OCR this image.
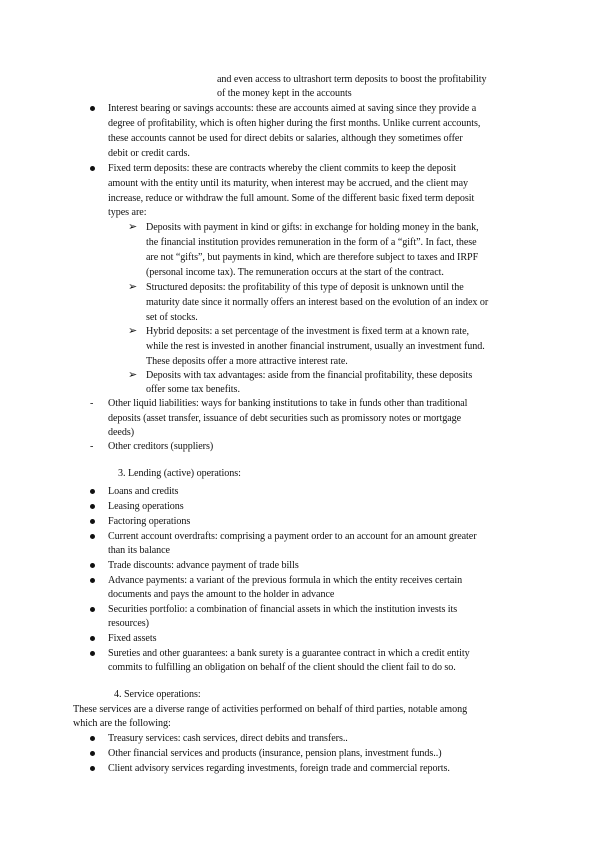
and even access to ultrashort term deposits to boost the profitability
of the money kept in the accounts
Interest bearing or savings accounts: these are accounts aimed at saving since they provide a
degree of profitability, which is often higher during the first months. Unlike current accounts,
these accounts cannot be used for direct debits or salaries, although they sometimes offer
debit or credit cards.
Fixed term deposits: these are contracts whereby the client commits to keep the deposit
amount with the entity until its maturity, when interest may be accrued, and the client may
increase, reduce or withdraw the full amount. Some of the different basic fixed term deposit
types are:
➢ Deposits with payment in kind or gifts: in exchange for holding money in the bank,
the financial institution provides remuneration in the form of a “gift”. In fact, these
are not “gifts”, but payments in kind, which are therefore subject to taxes and IRPF
(personal income tax). The remuneration occurs at the start of the contract.
➢ Structured deposits: the profitability of this type of deposit is unknown until the
maturity date since it normally offers an interest based on the evolution of an index or
set of stocks.
➢ Hybrid deposits: a set percentage of the investment is fixed term at a known rate,
while the rest is invested in another financial instrument, usually an investment fund.
These deposits offer a more attractive interest rate.
➢ Deposits with tax advantages: aside from the financial profitability, these deposits
offer some tax benefits.
- Other liquid liabilities: ways for banking institutions to take in funds other than traditional
deposits (asset transfer, issuance of debt securities such as promissory notes or mortgage
deeds)
- Other creditors (suppliers)
3. Lending (active) operations:
Loans and credits
Leasing operations
Factoring operations
Current account overdrafts: comprising a payment order to an account for an amount greater
than its balance
Trade discounts: advance payment of trade bills
Advance payments: a variant of the previous formula in which the entity receives certain
documents and pays the amount to the holder in advance
Securities portfolio: a combination of financial assets in which the institution invests its
resources)
Fixed assets
Sureties and other guarantees: a bank surety is a guarantee contract in which a credit entity
commits to fulfilling an obligation on behalf of the client should the client fail to do so.
4. Service operations:
These services are a diverse range of activities performed on behalf of third parties, notable among
which are the following:
Treasury services: cash services, direct debits and transfers..
Other financial services and products (insurance, pension plans, investment funds..)
Client advisory services regarding investments, foreign trade and commercial reports.
